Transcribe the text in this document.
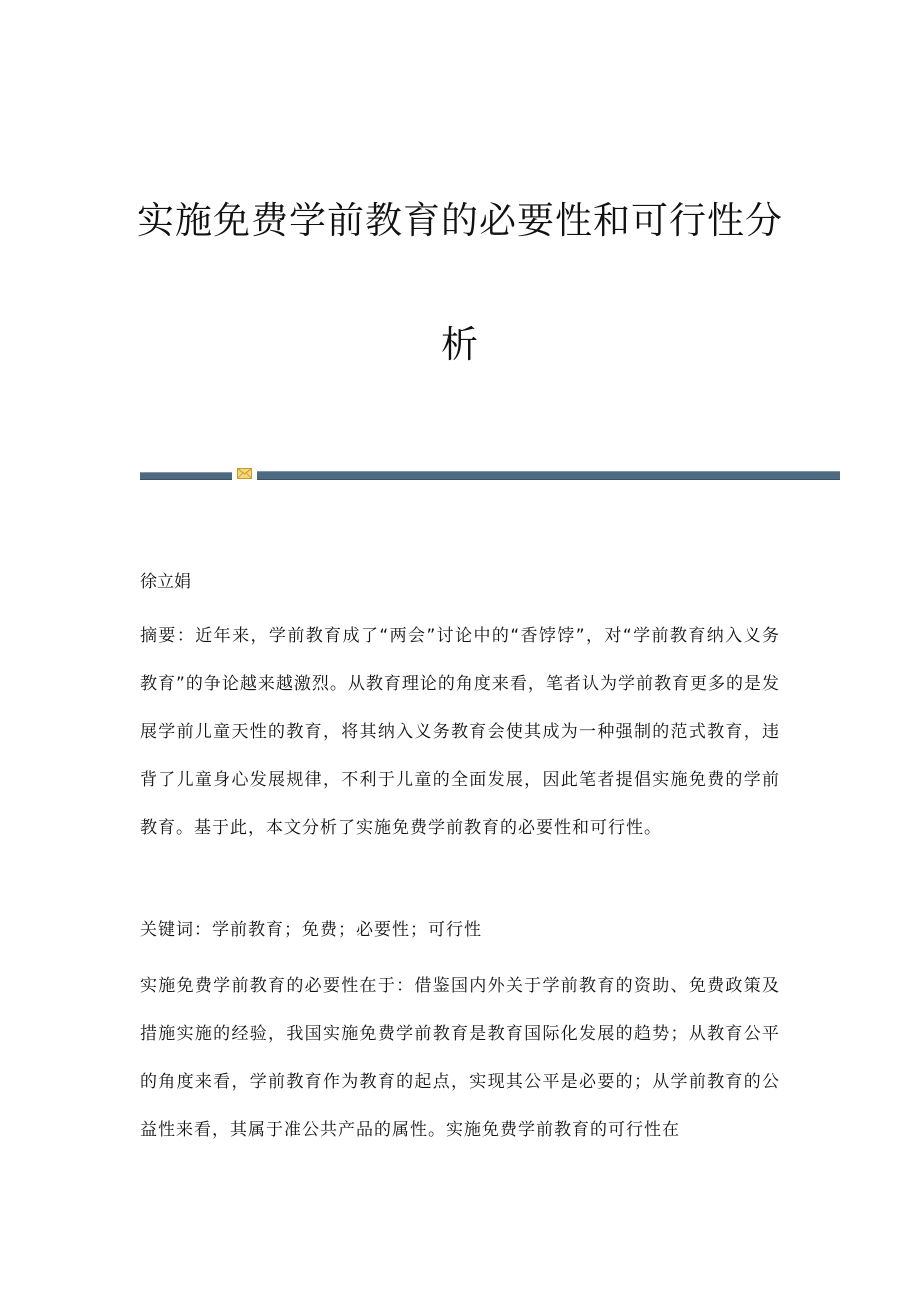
实施免费学前教育的必要性和可行性分
析

徐立娟

摘要：近年来，学前教育成了“两会”讨论中的“香饽饽”，对“学前教育纳入义务教育”的争论越来越激烈。从教育理论的角度来看，笔者认为学前教育更多的是发展学前儿童天性的教育，将其纳入义务教育会使其成为一种强制的范式教育，违背了儿童身心发展规律，不利于儿童的全面发展，因此笔者提倡实施免费的学前教育。基于此，本文分析了实施免费学前教育的必要性和可行性。

关键词：学前教育；免费；必要性；可行性

实施免费学前教育的必要性在于：借鉴国内外关于学前教育的资助、免费政策及措施实施的经验，我国实施免费学前教育是教育国际化发展的趋势；从教育公平的角度来看，学前教育作为教育的起点，实现其公平是必要的；从学前教育的公益性来看，其属于准公共产品的属性。实施免费学前教育的可行性在
